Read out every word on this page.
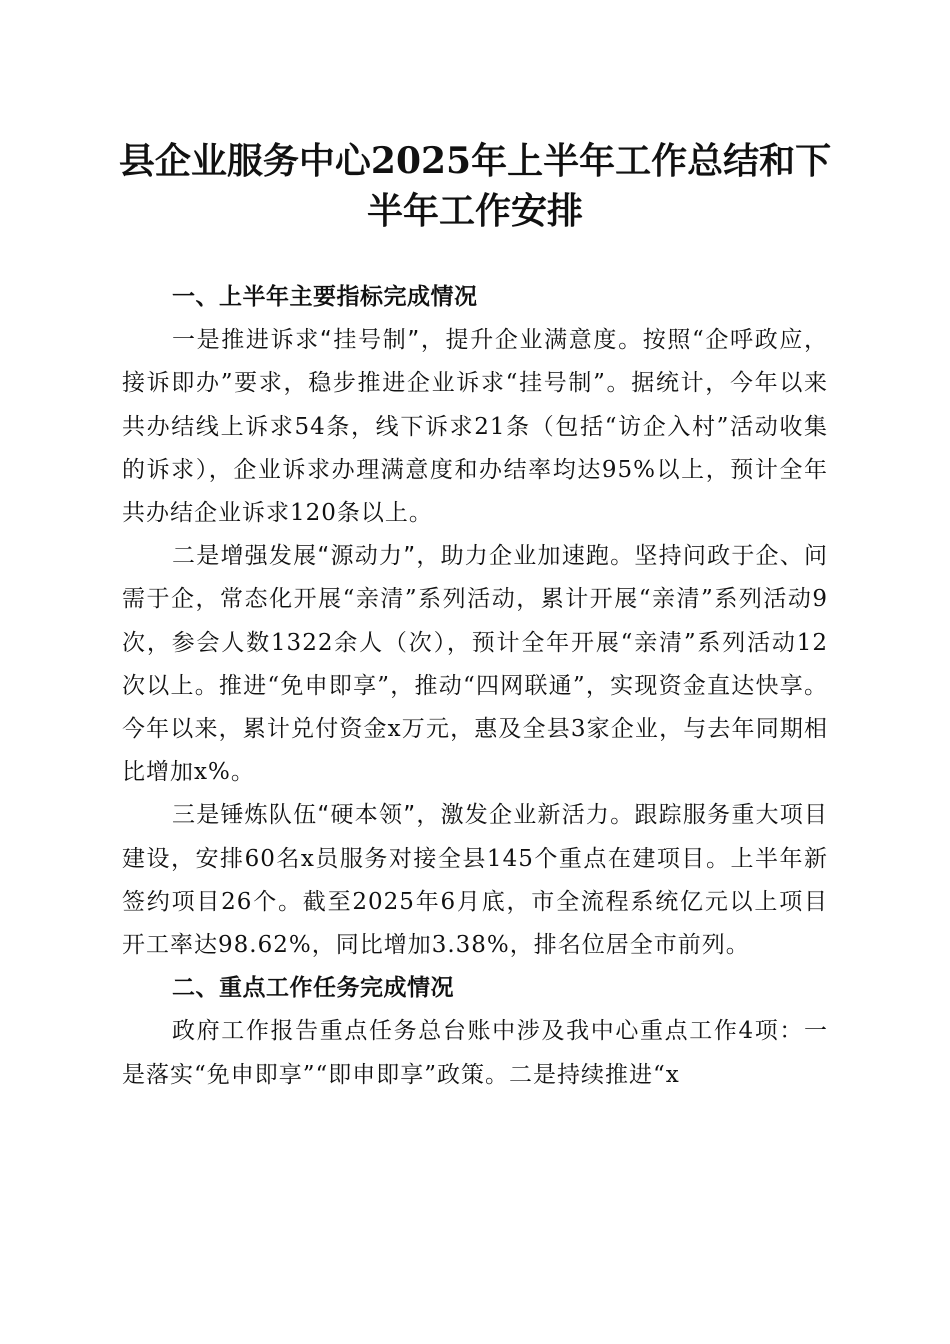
县企业服务中心2025年上半年工作总结和下
半年工作安排

一、上半年主要指标完成情况

一是推进诉求“挂号制”，提升企业满意度。按照“企呼政应，接诉即办”要求，稳步推进企业诉求“挂号制”。据统计，今年以来共办结线上诉求54条，线下诉求21条（包括“访企入村”活动收集的诉求），企业诉求办理满意度和办结率均达95%以上，预计全年共办结企业诉求120条以上。

二是增强发展“源动力”，助力企业加速跑。坚持问政于企、问需于企，常态化开展“亲清”系列活动，累计开展“亲清”系列活动9次，参会人数1322余人（次），预计全年开展“亲清”系列活动12次以上。推进“免申即享”，推动“四网联通”，实现资金直达快享。今年以来，累计兑付资金x万元，惠及全县3家企业，与去年同期相比增加x%。

三是锤炼队伍“硬本领”，激发企业新活力。跟踪服务重大项目建设，安排60名x员服务对接全县145个重点在建项目。上半年新签约项目26个。截至2025年6月底，市全流程系统亿元以上项目开工率达98.62%，同比增加3.38%，排名位居全市前列。

二、重点工作任务完成情况

政府工作报告重点任务总台账中涉及我中心重点工作4项：一是落实“免申即享”“即申即享”政策。二是持续推进“x
